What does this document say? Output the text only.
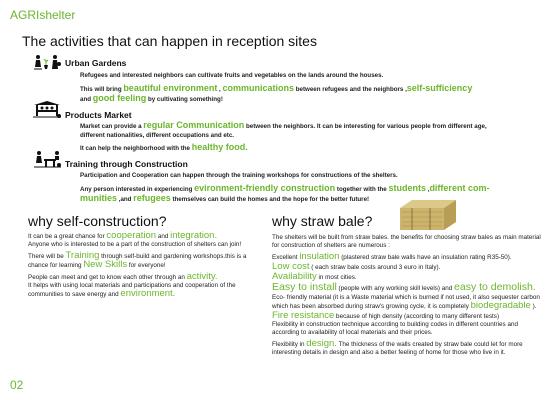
AGRIshelter
The activities that can happen in reception sites
Urban Gardens

Refugees and interested neighbors can cultivate fruits and vegetables on the lands around the houses.

This will bring beautiful environment , communications between refugees and the neighbors ,self-sufficiency
and good feeling by cultivating something!

Products Market

Market can provide a regular Communication between the neighbors. It can be interesting for various people from different age, different nationalities, different occupations and etc.

It can help the neighborhood with the healthy food.

Training through Construction

Participation and Cooperation can happen through the training workshops for constructions of the shelters.

Any person interested in experiencing evironment-friendly construction together with the students ,different com-munities ,and refugees themselves can build the homes and the hope for the better future!

why self-construction?

It can be a great chance for cooperation and integration.
Anyone who is interested to be a part of the construction of shelters can join!

There will be Training through self-build and gardening workshops.this is a chance for learning New Skills for everyone!

People can meet and get to know each other through an activity.
It helps with using local materials and participations and cooperation of the communities to save energy and environment.

why straw bale?

The shelters will be built from straw bales. the benefits for choosing straw bales as main material for construction of shelters are numerous :

Excellent insulation (plastered straw bale walls have an insulation rating R35-50).

Low cost ( each straw bale costs around 3 euro in Italy).

Availability in most cities.

Easy to install (people with any working skill levels) and easy to demolish.

Eco- friendly material (it is a Waste material which is burned if not used, it also sequester carbon which has been absorbed during straw's growing cycle, it is completely biodegradable ).

Fire resistance because of high density (according to many different tests)

Flexibility in construction technique according to building codes in different countries and according to availability of local materials and their prices.

Flexibility in design. The thickness of the walls created by straw bale could let for more interesting details in design and also a better feeling of home for those who live in it.

02
